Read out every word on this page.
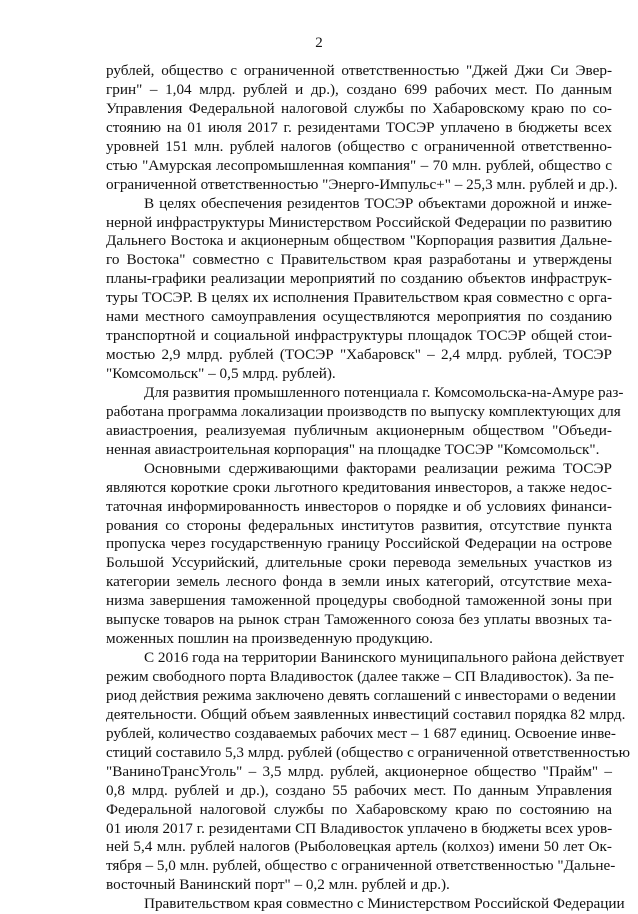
2
рублей, общество с ограниченной ответственностью "Джей Джи Си Эвер-
грин" – 1,04 млрд. рублей и др.), создано 699 рабочих мест. По данным
Управления Федеральной налоговой службы по Хабаровскому краю по со-
стоянию на 01 июля 2017 г. резидентами ТОСЭР уплачено в бюджеты всех
уровней 151 млн. рублей налогов (общество с ограниченной ответственно-
стью "Амурская лесопромышленная компания" – 70 млн. рублей, общество с
ограниченной ответственностью "Энерго-Импульс+" – 25,3 млн. рублей и др.).
В целях обеспечения резидентов ТОСЭР объектами дорожной и инже-
нерной инфраструктуры Министерством Российской Федерации по развитию
Дальнего Востока и акционерным обществом "Корпорация развития Дальне-
го Востока" совместно с Правительством края разработаны и утверждены
планы-графики реализации мероприятий по созданию объектов инфраструк-
туры ТОСЭР. В целях их исполнения Правительством края совместно с орга-
нами местного самоуправления осуществляются мероприятия по созданию
транспортной и социальной инфраструктуры площадок ТОСЭР общей стои-
мостью 2,9 млрд. рублей (ТОСЭР "Хабаровск" – 2,4 млрд. рублей, ТОСЭР
"Комсомольск" – 0,5 млрд. рублей).
Для развития промышленного потенциала г. Комсомольска-на-Амуре раз-
работана программа локализации производств по выпуску комплектующих для
авиастроения, реализуемая публичным акционерным обществом "Объеди-
ненная авиастроительная корпорация" на площадке ТОСЭР "Комсомольск".
Основными сдерживающими факторами реализации режима ТОСЭР
являются короткие сроки льготного кредитования инвесторов, а также недос-
таточная информированность инвесторов о порядке и об условиях финанси-
рования со стороны федеральных институтов развития, отсутствие пункта
пропуска через государственную границу Российской Федерации на острове
Большой Уссурийский, длительные сроки перевода земельных участков из
категории земель лесного фонда в земли иных категорий, отсутствие меха-
низма завершения таможенной процедуры свободной таможенной зоны при
выпуске товаров на рынок стран Таможенного союза без уплаты ввозных та-
моженных пошлин на произведенную продукцию.
С 2016 года на территории Ванинского муниципального района действует
режим свободного порта Владивосток (далее также – СП Владивосток). За пе-
риод действия режима заключено девять соглашений с инвесторами о ведении
деятельности. Общий объем заявленных инвестиций составил порядка 82 млрд.
рублей, количество создаваемых рабочих мест – 1 687 единиц. Освоение инве-
стиций составило 5,3 млрд. рублей (общество с ограниченной ответственностью
"ВаниноТрансУголь" – 3,5 млрд. рублей, акционерное общество "Прайм" –
0,8 млрд. рублей и др.), создано 55 рабочих мест. По данным Управления
Федеральной налоговой службы по Хабаровскому краю по состоянию на
01 июля 2017 г. резидентами СП Владивосток уплачено в бюджеты всех уров-
ней 5,4 млн. рублей налогов (Рыболовецкая артель (колхоз) имени 50 лет Ок-
тября – 5,0 млн. рублей, общество с ограниченной ответственностью "Дальне-
восточный Ванинский порт" – 0,2 млн. рублей и др.).
Правительством края совместно с Министерством Российской Федерации
